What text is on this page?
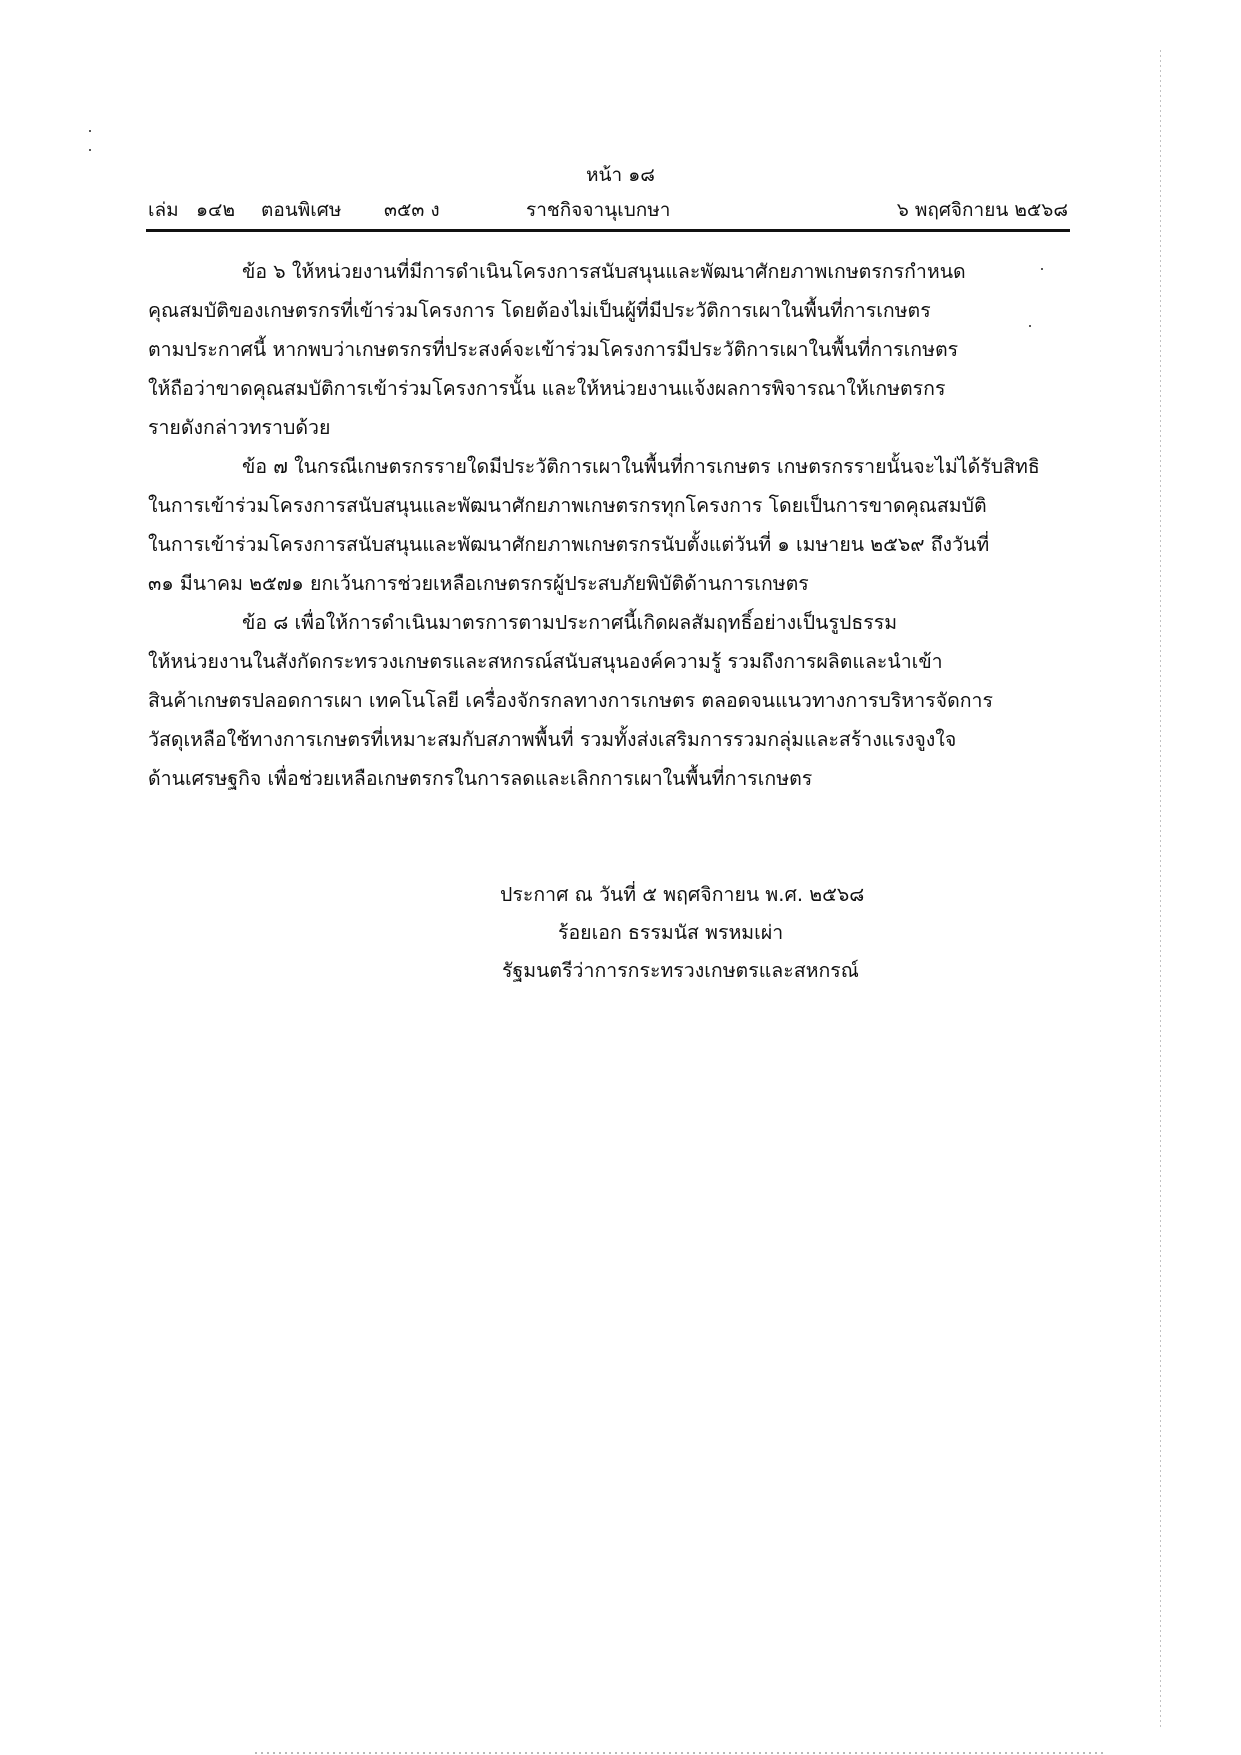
หน้า ๑๘
เล่ม ๑๔๒ ตอนพิเศษ ๓๕๓ ง	ราชกิจจานุเบกษา	๖ พฤศจิกายน ๒๕๖๘

ข้อ ๖ ให้หน่วยงานที่มีการดำเนินโครงการสนับสนุนและพัฒนาศักยภาพเกษตรกรกำหนด
คุณสมบัติของเกษตรกรที่เข้าร่วมโครงการ โดยต้องไม่เป็นผู้ที่มีประวัติการเผาในพื้นที่การเกษตร
ตามประกาศนี้ หากพบว่าเกษตรกรที่ประสงค์จะเข้าร่วมโครงการมีประวัติการเผาในพื้นที่การเกษตร
ให้ถือว่าขาดคุณสมบัติการเข้าร่วมโครงการนั้น และให้หน่วยงานแจ้งผลการพิจารณาให้เกษตรกร
รายดังกล่าวทราบด้วย

ข้อ ๗ ในกรณีเกษตรกรรายใดมีประวัติการเผาในพื้นที่การเกษตร เกษตรกรรายนั้นจะไม่ได้รับสิทธิ
ในการเข้าร่วมโครงการสนับสนุนและพัฒนาศักยภาพเกษตรกรทุกโครงการ โดยเป็นการขาดคุณสมบัติ
ในการเข้าร่วมโครงการสนับสนุนและพัฒนาศักยภาพเกษตรกรนับตั้งแต่วันที่ ๑ เมษายน ๒๕๖๙ ถึงวันที่
๓๑ มีนาคม ๒๕๗๑ ยกเว้นการช่วยเหลือเกษตรกรผู้ประสบภัยพิบัติด้านการเกษตร

ข้อ ๘ เพื่อให้การดำเนินมาตรการตามประกาศนี้เกิดผลสัมฤทธิ์อย่างเป็นรูปธรรม
ให้หน่วยงานในสังกัดกระทรวงเกษตรและสหกรณ์สนับสนุนองค์ความรู้ รวมถึงการผลิตและนำเข้า
สินค้าเกษตรปลอดการเผา เทคโนโลยี เครื่องจักรกลทางการเกษตร ตลอดจนแนวทางการบริหารจัดการ
วัสดุเหลือใช้ทางการเกษตรที่เหมาะสมกับสภาพพื้นที่ รวมทั้งส่งเสริมการรวมกลุ่มและสร้างแรงจูงใจ
ด้านเศรษฐกิจ เพื่อช่วยเหลือเกษตรกรในการลดและเลิกการเผาในพื้นที่การเกษตร

ประกาศ ณ วันที่ ๕ พฤศจิกายน พ.ศ. ๒๕๖๘
ร้อยเอก ธรรมนัส พรหมเผ่า
รัฐมนตรีว่าการกระทรวงเกษตรและสหกรณ์
